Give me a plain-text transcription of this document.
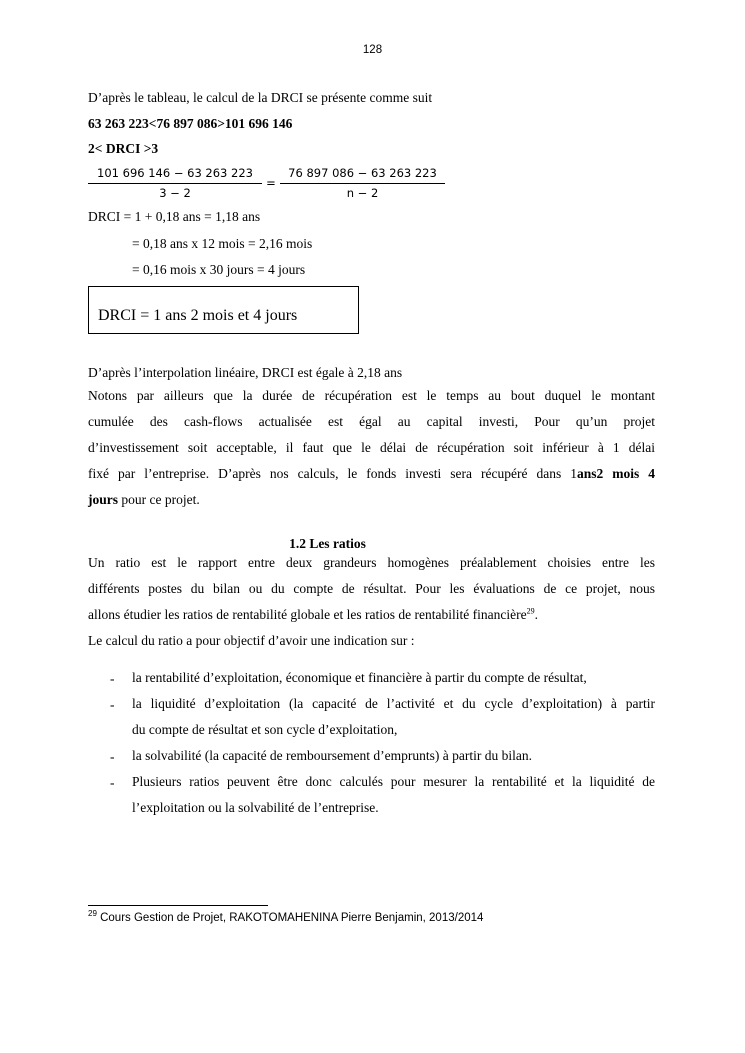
128
D’après le tableau, le calcul de la DRCI se présente comme suit
63 263 223<76 897 086>101 696 146
2< DRCI >3
101 696 146 − 63 263 223
3 − 2
=
76 897 086 − 63 263 223
n − 2
DRCI = 1 + 0,18 ans = 1,18 ans
= 0,18 ans x 12 mois = 2,16 mois
= 0,16 mois x 30 jours = 4 jours
DRCI = 1 ans 2 mois et 4 jours
D’après l’interpolation linéaire, DRCI est égale à 2,18 ans
Notons par ailleurs que la durée de récupération est le temps au bout duquel le montant
cumulée des cash-flows actualisée est égal au capital investi, Pour qu’un projet
d’investissement soit acceptable, il faut que le délai de récupération soit inférieur à 1 délai
fixé par l’entreprise. D’après nos calculs, le fonds investi sera récupéré dans 1ans2 mois 4
jours pour ce projet.
1.2 Les ratios
Un ratio est le rapport entre deux grandeurs homogènes préalablement choisies entre les
différents postes du bilan ou du compte de résultat. Pour les évaluations de ce projet, nous
allons étudier les ratios de rentabilité globale et les ratios de rentabilité financière$^{29}$.
Le calcul du ratio a pour objectif d’avoir une indication sur :
- la rentabilité d’exploitation, économique et financière à partir du compte de résultat,
- la liquidité d’exploitation (la capacité de l’activité et du cycle d’exploitation) à partir
du compte de résultat et son cycle d’exploitation,
- la solvabilité (la capacité de remboursement d’emprunts) à partir du bilan.
- Plusieurs ratios peuvent être donc calculés pour mesurer la rentabilité et la liquidité de
l’exploitation ou la solvabilité de l’entreprise.
$^{29}$ Cours Gestion de Projet, RAKOTOMAHENINA Pierre Benjamin, 2013/2014
